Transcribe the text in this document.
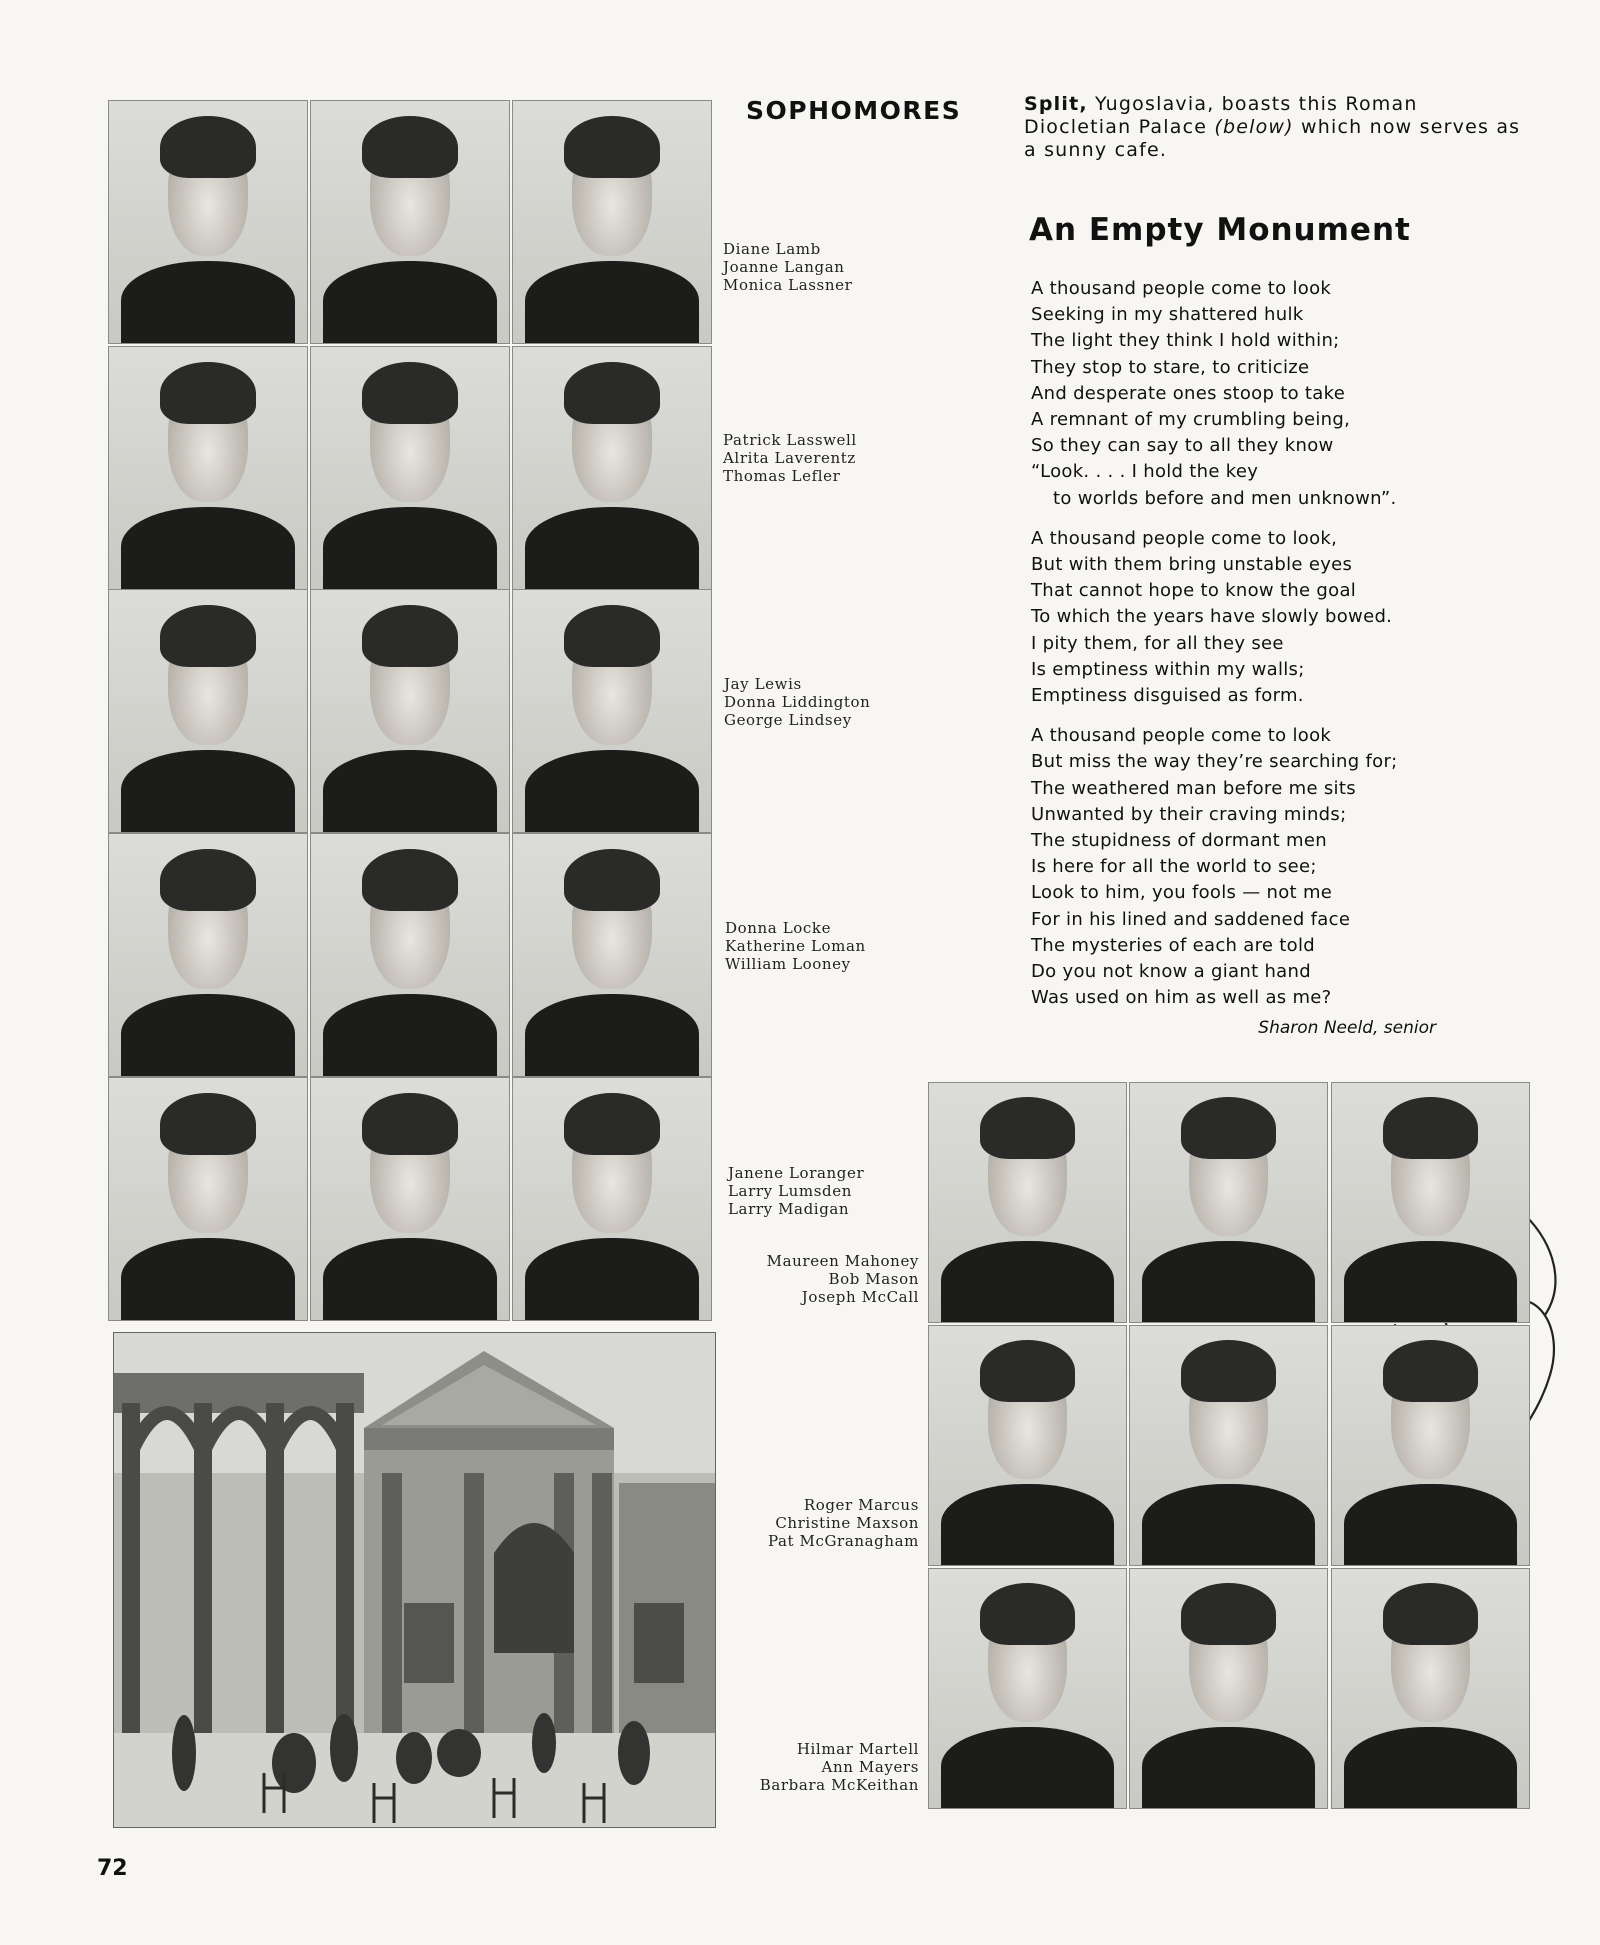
SOPHOMORES	Split, Yugoslavia, boasts this Roman Diocletian Palace (below) which now serves as a sunny cafe.
An Empty Monument
A thousand people come to look
Seeking in my shattered hulk
The light they think I hold within;
They stop to stare, to criticize
And desperate ones stoop to take
A remnant of my crumbling being,
So they can say to all they know
“Look. . . . I hold the key
to worlds before and men unknown”.
A thousand people come to look,
But with them bring unstable eyes
That cannot hope to know the goal
To which the years have slowly bowed.
I pity them, for all they see
Is emptiness within my walls;
Emptiness disguised as form.
A thousand people come to look
But miss the way they’re searching for;
The weathered man before me sits
Unwanted by their craving minds;
The stupidness of dormant men
Is here for all the world to see;
Look to him, you fools — not me
For in his lined and saddened face
The mysteries of each are told
Do you not know a giant hand
Was used on him as well as me?
Sharon Neeld, senior
Diane Lamb
Joanne Langan
Monica Lassner
Patrick Lasswell
Alrita Laverentz
Thomas Lefler
Jay Lewis
Donna Liddington
George Lindsey
Donna Locke
Katherine Loman
William Looney
Janene Loranger
Larry Lumsden
Larry Madigan
Maureen Mahoney
Bob Mason
Joseph McCall
Roger Marcus
Christine Maxson
Pat McGranagham
Hilmar Martell
Ann Mayers
Barbara McKeithan
72
